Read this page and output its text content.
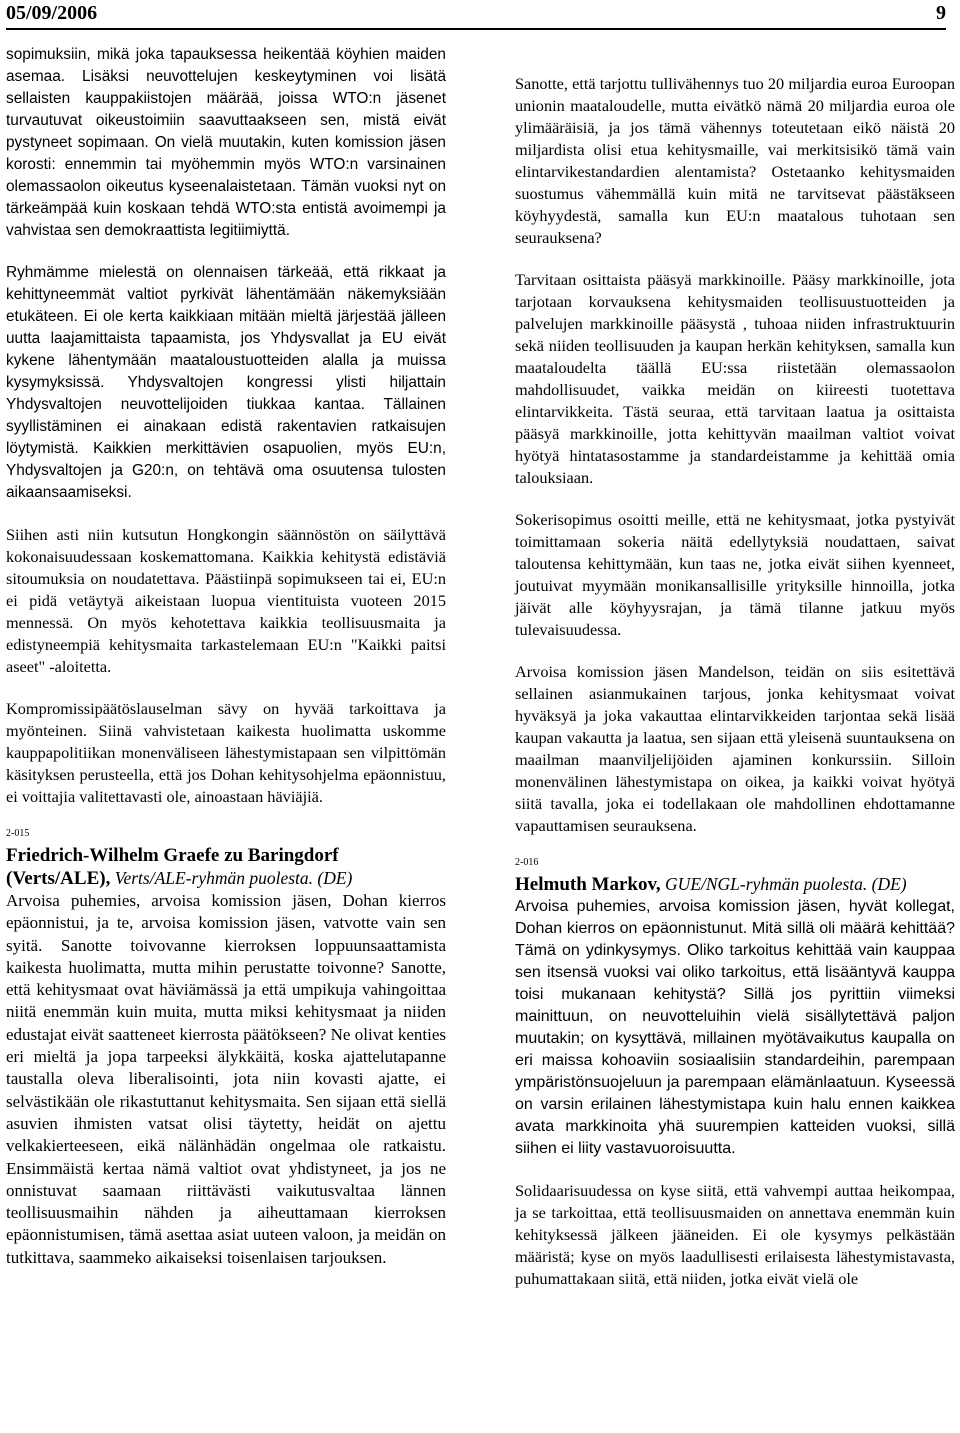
05/09/2006	9

sopimuksiin, mikä joka tapauksessa heikentää köyhien maiden asemaa. Lisäksi neuvottelujen keskeytyminen voi lisätä sellaisten kauppakiistojen määrää, joissa WTO:n jäsenet turvautuvat oikeustoimiin saavuttaakseen sen, mistä eivät pystyneet sopimaan. On vielä muutakin, kuten komission jäsen korosti: ennemmin tai myöhemmin myös WTO:n varsinainen olemassaolon oikeutus kyseenalaistetaan. Tämän vuoksi nyt on tärkeämpää kuin koskaan tehdä WTO:sta entistä avoimempi ja vahvistaa sen demokraattista legitiimiyttä.

Ryhmämme mielestä on olennaisen tärkeää, että rikkaat ja kehittyneemmät valtiot pyrkivät lähentämään näkemyksiään etukäteen. Ei ole kerta kaikkiaan mitään mieltä järjestää jälleen uutta laajamittaista tapaamista, jos Yhdysvallat ja EU eivät kykene lähentymään maataloustuotteiden alalla ja muissa kysymyksissä. Yhdysvaltojen kongressi ylisti hiljattain Yhdysvaltojen neuvottelijoiden tiukkaa kantaa. Tällainen syyllistäminen ei ainakaan edistä rakentavien ratkaisujen löytymistä. Kaikkien merkittävien osapuolien, myös EU:n, Yhdysvaltojen ja G20:n, on tehtävä oma osuutensa tulosten aikaansaamiseksi.

Siihen asti niin kutsutun Hongkongin säännöstön on säilyttävä kokonaisuudessaan koskemattomana. Kaikkia kehitystä edistäviä sitoumuksia on noudatettava. Päästiinpä sopimukseen tai ei, EU:n ei pidä vetäytyä aikeistaan luopua vientituista vuoteen 2015 mennessä. On myös kehotettava kaikkia teollisuusmaita ja edistyneempiä kehitysmaita tarkastelemaan EU:n "Kaikki paitsi aseet" -aloitetta.

Kompromissipäätöslauselman sävy on hyvää tarkoittava ja myönteinen. Siinä vahvistetaan kaikesta huolimatta uskomme kauppapolitiikan monenväliseen lähestymistapaan sen vilpittömän käsityksen perusteella, että jos Dohan kehitysohjelma epäonnistuu, ei voittajia valitettavasti ole, ainoastaan häviäjiä.

2-015
Friedrich-Wilhelm Graefe zu Baringdorf (Verts/ALE), Verts/ALE-ryhmän puolesta. (DE)

Arvoisa puhemies, arvoisa komission jäsen, Dohan kierros epäonnistui, ja te, arvoisa komission jäsen, vatvotte vain sen syitä. Sanotte toivovanne kierroksen loppuunsaattamista kaikesta huolimatta, mutta mihin perustatte toivonne? Sanotte, että kehitysmaat ovat häviämässä ja että umpikuja vahingoittaa niitä enemmän kuin muita, mutta miksi kehitysmaat ja niiden edustajat eivät saatteneet kierrosta päätökseen? Ne olivat kenties eri mieltä ja jopa tarpeeksi älykkäitä, koska ajattelutapanne taustalla oleva liberalisointi, jota niin kovasti ajatte, ei selvästikään ole rikastuttanut kehitysmaita. Sen sijaan että siellä asuvien ihmisten vatsat olisi täytetty, heidät on ajettu velkakierteeseen, eikä nälänhädän ongelmaa ole ratkaistu. Ensimmäistä kertaa nämä valtiot ovat yhdistyneet, ja jos ne onnistuvat saamaan riittävästi vaikutusvaltaa lännen teollisuusmaihin nähden ja aiheuttamaan kierroksen epäonnistumisen, tämä asettaa asiat uuteen valoon, ja meidän on tutkittava, saammeko aikaiseksi toisenlaisen tarjouksen.

Sanotte, että tarjottu tullivähennys tuo 20 miljardia euroa Euroopan unionin maataloudelle, mutta eivätkö nämä 20 miljardia euroa ole ylimääräisiä, ja jos tämä vähennys toteutetaan eikö näistä 20 miljardista olisi etua kehitysmaille, vai merkitsisikö tämä vain elintarvikestandardien alentamista? Ostetaanko kehitysmaiden suostumus vähemmällä kuin mitä ne tarvitsevat päästäkseen köyhyydestä, samalla kun EU:n maatalous tuhotaan sen seurauksena?

Tarvitaan osittaista pääsyä markkinoille. Pääsy markkinoille, jota tarjotaan korvauksena kehitysmaiden teollisuustuotteiden ja palvelujen markkinoille pääsystä , tuhoaa niiden infrastruktuurin sekä niiden teollisuuden ja kaupan herkän kehityksen, samalla kun maataloudelta täällä EU:ssa riistetään olemassaolon mahdollisuudet, vaikka meidän on kiireesti tuotettava elintarvikkeita. Tästä seuraa, että tarvitaan laatua ja osittaista pääsyä markkinoille, jotta kehittyvän maailman valtiot voivat hyötyä hintatasostamme ja standardeistamme ja kehittää omia talouksiaan.

Sokerisopimus osoitti meille, että ne kehitysmaat, jotka pystyivät toimittamaan sokeria näitä edellytyksiä noudattaen, saivat taloutensa kehittymään, kun taas ne, jotka eivät siihen kyenneet, joutuivat myymään monikansallisille yrityksille hinnoilla, jotka jäivät alle köyhyysrajan, ja tämä tilanne jatkuu myös tulevaisuudessa.

Arvoisa komission jäsen Mandelson, teidän on siis esitettävä sellainen asianmukainen tarjous, jonka kehitysmaat voivat hyväksyä ja joka vakauttaa elintarvikkeiden tarjontaa sekä lisää kaupan vakautta ja laatua, sen sijaan että yleisenä suuntauksena on maailman maanviljelijöiden ajaminen konkurssiin. Silloin monenvälinen lähestymistapa on oikea, ja kaikki voivat hyötyä siitä tavalla, joka ei todellakaan ole mahdollinen ehdottamanne vapauttamisen seurauksena.

2-016
Helmuth Markov, GUE/NGL-ryhmän puolesta. (DE)

Arvoisa puhemies, arvoisa komission jäsen, hyvät kollegat, Dohan kierros on epäonnistunut. Mitä sillä oli määrä kehittää? Tämä on ydinkysymys. Oliko tarkoitus kehittää vain kauppaa sen itsensä vuoksi vai oliko tarkoitus, että lisääntyvä kauppa toisi mukanaan kehitystä? Sillä jos pyrittiin viimeksi mainittuun, on neuvotteluihin vielä sisällytettävä paljon muutakin; on kysyttävä, millainen myötävaikutus kaupalla on eri maissa kohoaviin sosiaalisiin standardeihin, parempaan ympäristönsuojeluun ja parempaan elämänlaatuun. Kyseessä on varsin erilainen lähestymistapa kuin halu ennen kaikkea avata markkinoita yhä suurempien katteiden vuoksi, sillä siihen ei liity vastavuoroisuutta.

Solidaarisuudessa on kyse siitä, että vahvempi auttaa heikompaa, ja se tarkoittaa, että teollisuusmaiden on annettava enemmän kuin kehityksessä jälkeen jääneiden. Ei ole kysymys pelkästään määristä; kyse on myös laadullisesti erilaisesta lähestymistavasta, puhumattakaan siitä, että niiden, jotka eivät vielä ole
